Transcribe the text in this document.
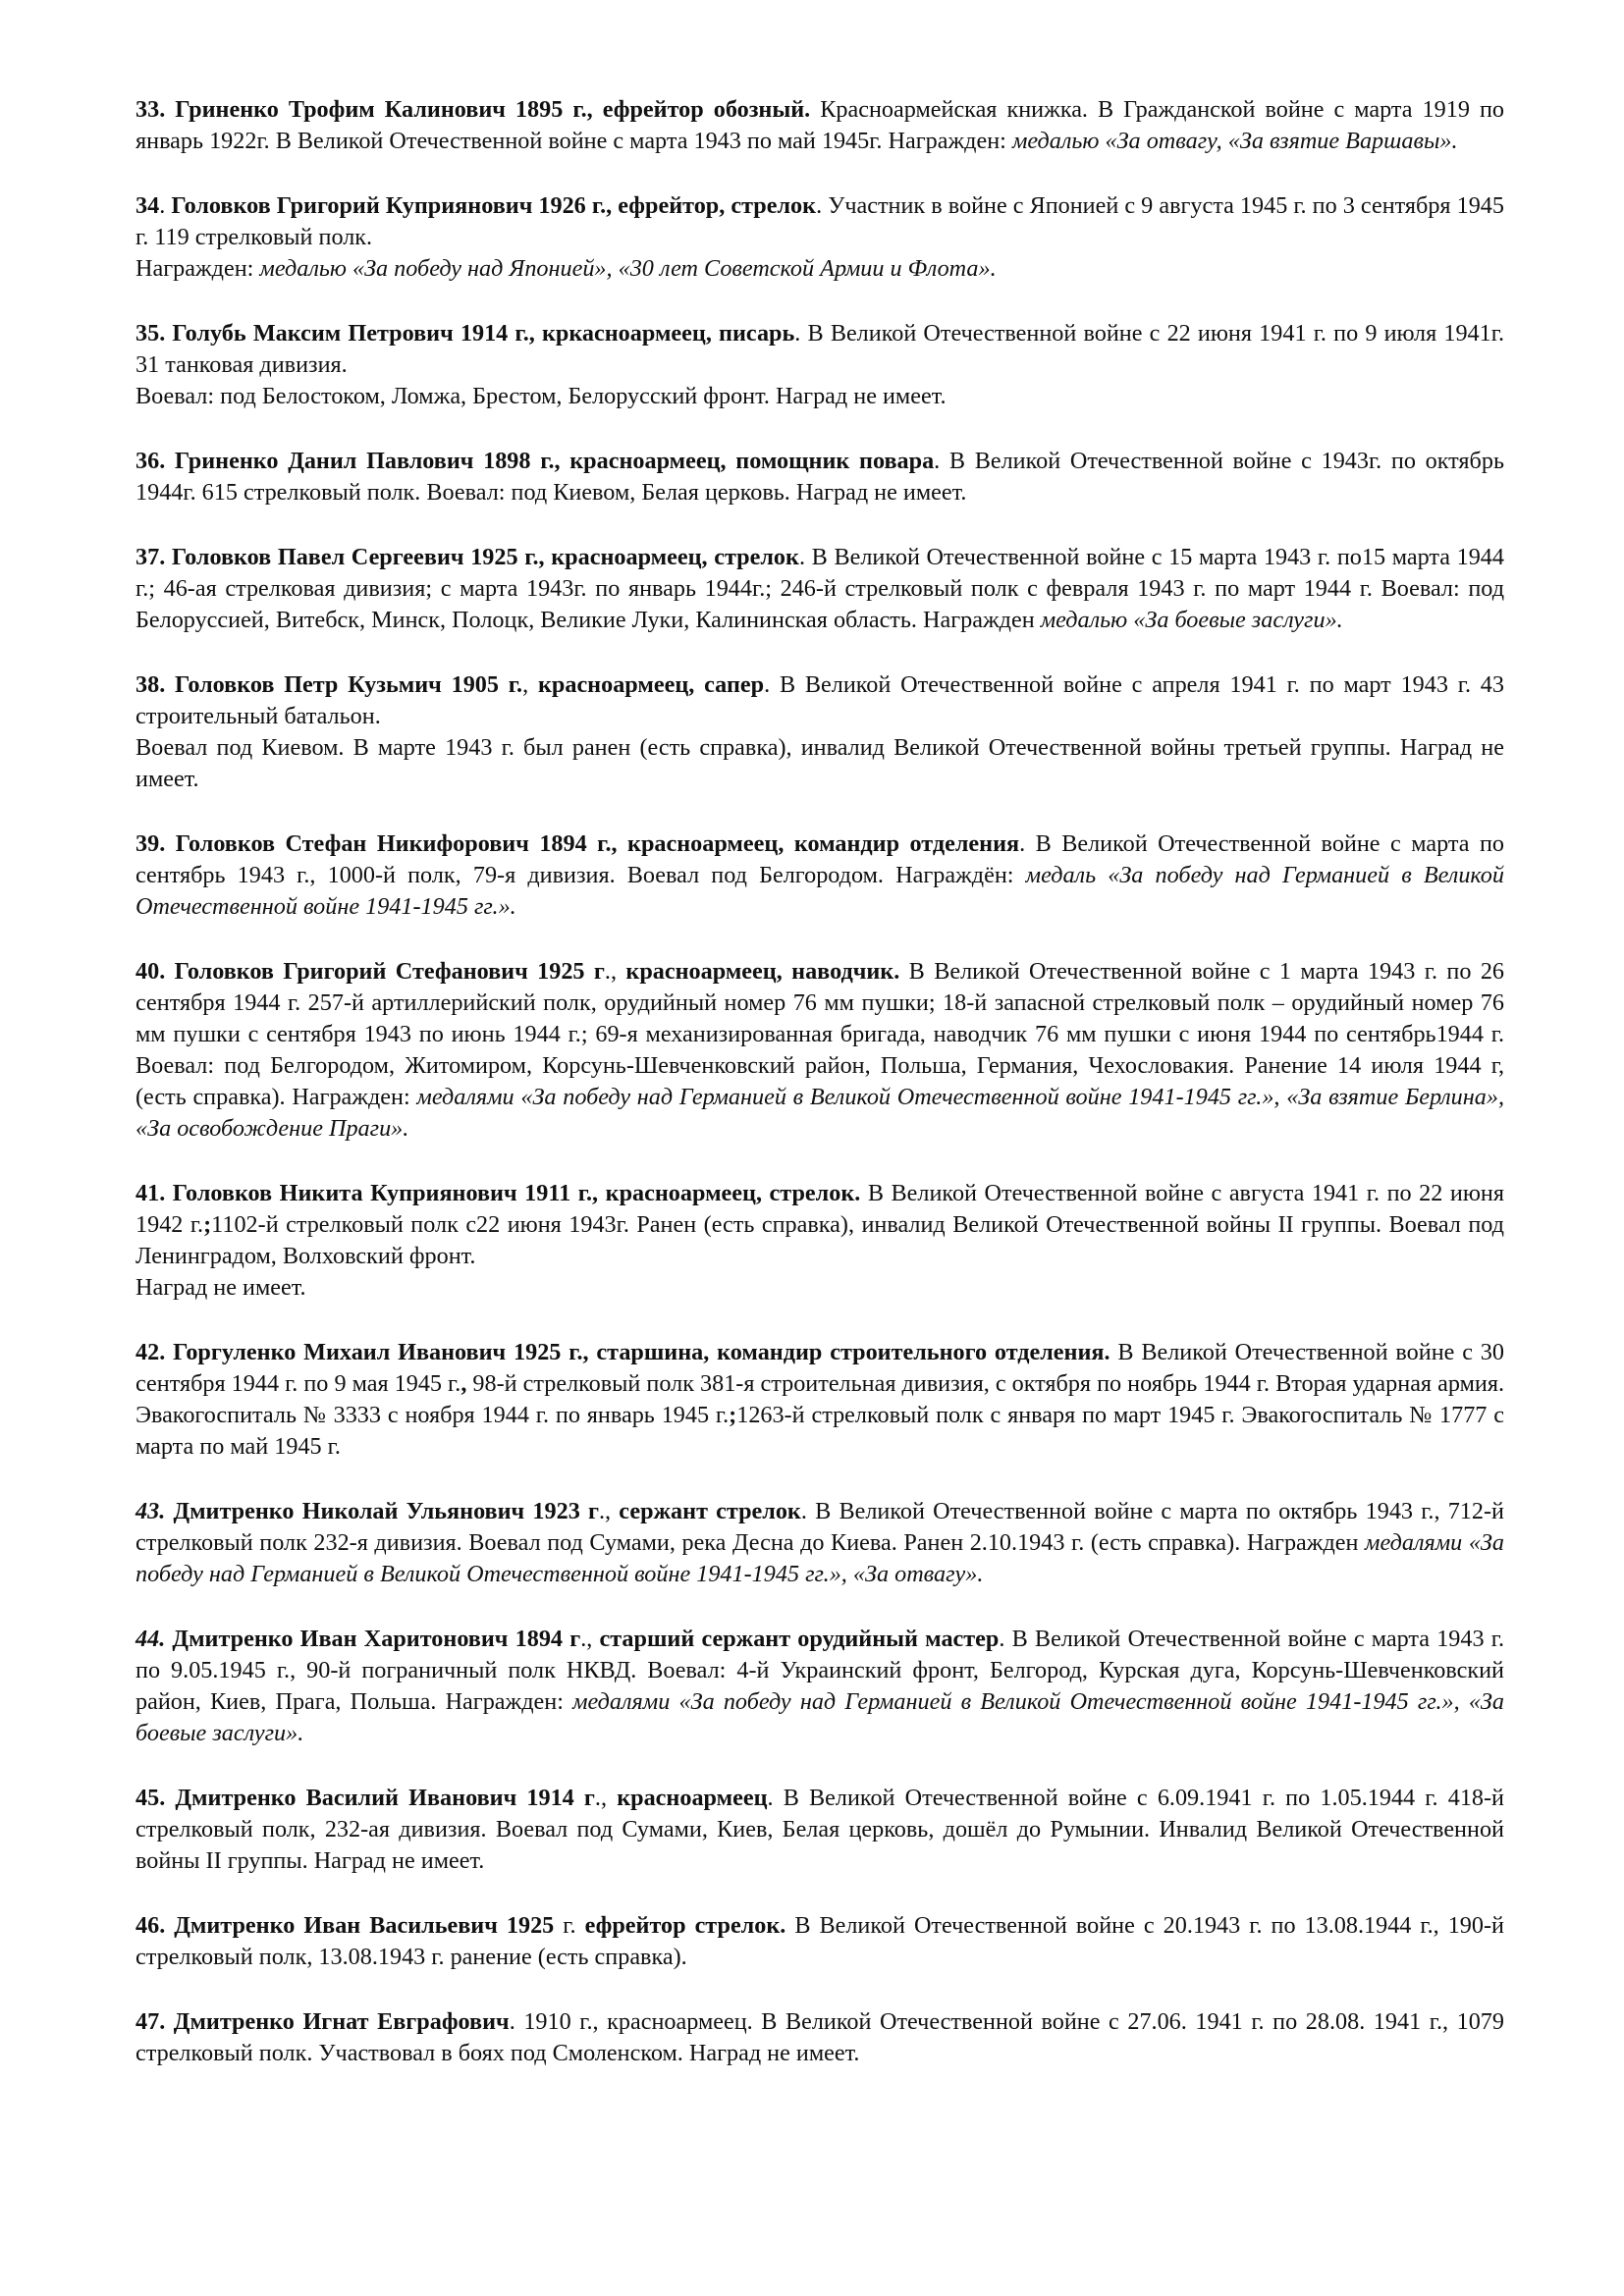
33. Гриненко Трофим Калинович 1895 г., ефрейтор обозный. Красноармейская книжка. В Гражданской войне с марта 1919 по январь 1922г. В Великой Отечественной войне с марта 1943 по май 1945г. Награжден: медалью «За отвагу, «За взятие Варшавы».

34. Головков Григорий Куприянович 1926 г., ефрейтор, стрелок. Участник в войне с Японией с 9 августа 1945 г. по 3 сентября 1945 г. 119 стрелковый полк.

Награжден: медалью «За победу над Японией», «30 лет Советской Армии и Флота».

35. Голубь Максим Петрович 1914 г., кркасноармеец, писарь. В Великой Отечественной войне с 22 июня 1941 г. по 9 июля 1941г. 31 танковая дивизия.

Воевал: под Белостоком, Ломжа, Брестом, Белорусский фронт. Наград не имеет.

36. Гриненко Данил Павлович 1898 г., красноармеец, помощник повара. В Великой Отечественной войне с 1943г. по октябрь 1944г. 615 стрелковый полк. Воевал: под Киевом, Белая церковь. Наград не имеет.

37. Головков Павел Сергеевич 1925 г., красноармеец, стрелок. В Великой Отечественной войне с 15 марта 1943 г. по15 марта 1944 г.; 46-ая стрелковая дивизия; с марта 1943г. по январь 1944г.; 246-й стрелковый полк с февраля 1943 г. по март 1944 г. Воевал: под Белоруссией, Витебск, Минск, Полоцк, Великие Луки, Калининская область. Награжден медалью «За боевые заслуги».

38. Головков Петр Кузьмич 1905 г., красноармеец, сапер. В Великой Отечественной войне с апреля 1941 г. по март 1943 г. 43 строительный батальон.

Воевал под Киевом. В марте 1943 г. был ранен (есть справка), инвалид Великой Отечественной войны третьей группы. Наград не имеет.

39. Головков Стефан Никифорович 1894 г., красноармеец, командир отделения. В Великой Отечественной войне с марта по сентябрь 1943 г., 1000-й полк, 79-я дивизия. Воевал под Белгородом. Награждён: медаль «За победу над Германией в Великой Отечественной войне 1941-1945 гг.».

40. Головков Григорий Стефанович 1925 г., красноармеец, наводчик. В Великой Отечественной войне с 1 марта 1943 г. по 26 сентября 1944 г. 257-й артиллерийский полк, орудийный номер 76 мм пушки; 18-й запасной стрелковый полк – орудийный номер 76 мм пушки с сентября 1943 по июнь 1944 г.; 69-я механизированная бригада, наводчик 76 мм пушки с июня 1944 по сентябрь1944 г. Воевал: под Белгородом, Житомиром, Корсунь-Шевченковский район, Польша, Германия, Чехословакия. Ранение 14 июля 1944 г, (есть справка). Награжден: медалями «За победу над Германией в Великой Отечественной войне 1941-1945 гг.», «За взятие Берлина», «За освобождение Праги».

41. Головков Никита Куприянович 1911 г., красноармеец, стрелок. В Великой Отечественной войне с августа 1941 г. по 22 июня 1942 г.;1102-й стрелковый полк с22 июня 1943г. Ранен (есть справка), инвалид Великой Отечественной войны II группы. Воевал под Ленинградом, Волховский фронт.

Наград не имеет.

42. Горгуленко Михаил Иванович 1925 г., старшина, командир строительного отделения. В Великой Отечественной войне с 30 сентября 1944 г. по 9 мая 1945 г., 98-й стрелковый полк 381-я строительная дивизия, с октября по ноябрь 1944 г. Вторая ударная армия. Эвакогоспиталь № 3333 с ноября 1944 г. по январь 1945 г.;1263-й стрелковый полк с января по март 1945 г. Эвакогоспиталь № 1777 с марта по май 1945 г.

43. Дмитренко Николай Ульянович 1923 г., сержант стрелок. В Великой Отечественной войне с марта по октябрь 1943 г., 712-й стрелковый полк 232-я дивизия. Воевал под Сумами, река Десна до Киева. Ранен 2.10.1943 г. (есть справка). Награжден медалями «За победу над Германией в Великой Отечественной войне 1941-1945 гг.», «За отвагу».

44. Дмитренко Иван Харитонович 1894 г., старший сержант орудийный мастер. В Великой Отечественной войне с марта 1943 г. по 9.05.1945 г., 90-й пограничный полк НКВД. Воевал: 4-й Украинский фронт, Белгород, Курская дуга, Корсунь-Шевченковский район, Киев, Прага, Польша. Награжден: медалями «За победу над Германией в Великой Отечественной войне 1941-1945 гг.», «За боевые заслуги».

45. Дмитренко Василий Иванович 1914 г., красноармеец. В Великой Отечественной войне с 6.09.1941 г. по 1.05.1944 г. 418-й стрелковый полк, 232-ая дивизия. Воевал под Сумами, Киев, Белая церковь, дошёл до Румынии. Инвалид Великой Отечественной войны II группы. Наград не имеет.

46. Дмитренко Иван Васильевич 1925 г. ефрейтор стрелок. В Великой Отечественной войне с 20.1943 г. по 13.08.1944 г., 190-й стрелковый полк, 13.08.1943 г. ранение (есть справка).

47. Дмитренко Игнат Евграфович. 1910 г., красноармеец. В Великой Отечественной войне с 27.06. 1941 г. по 28.08. 1941 г., 1079 стрелковый полк. Участвовал в боях под Смоленском. Наград не имеет.
